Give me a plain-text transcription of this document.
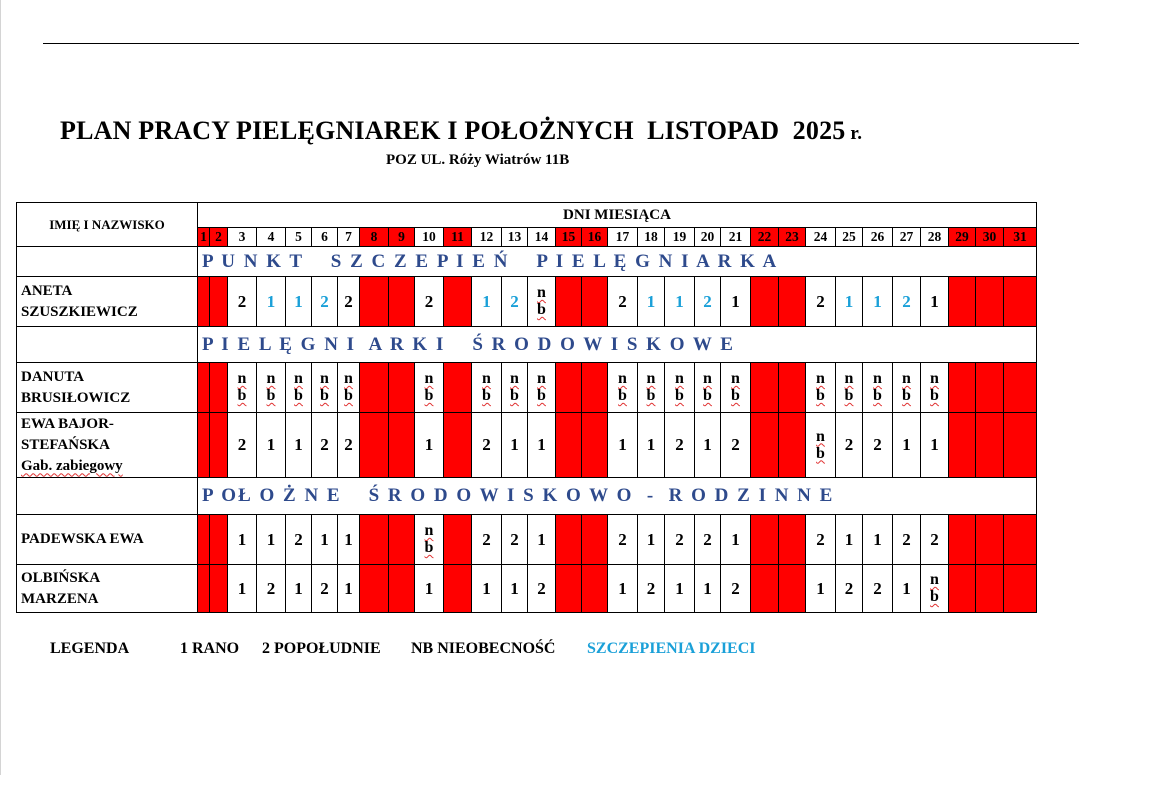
PLAN PRACY PIELĘGNIAREK I POŁOŻNYCH  LISTOPAD  2025 r.
POZ UL. Róży Wiatrów 11B
IMIĘ I NAZWISKO	DNI MIESIĄCA																														
	1	2	3	4	5	6	7	8	9	10	11	12	13	14	15	16	17	18	19	20	21	22	23	24	25	26	27	28	29	30	31
	P U N K T    S Z C Z E P I E Ń    P I E L Ę G N I A R K A																														

ANETA
SZUSZKIEWICZ			2	1	1	2	2			2		1	2	$\frac{n}{b}$			2	1	1	2	1			2	1	1	2	1			
	P I E L Ę G N I  A R K I    Ś R O D O W I S K O W E																														

DANUTA
BRUSIŁOWICZ			$\frac{n}{b}$	$\frac{n}{b}$	$\frac{n}{b}$	$\frac{n}{b}$	$\frac{n}{b}$			$\frac{n}{b}$		$\frac{n}{b}$	$\frac{n}{b}$	$\frac{n}{b}$			$\frac{n}{b}$	$\frac{n}{b}$	$\frac{n}{b}$	$\frac{n}{b}$	$\frac{n}{b}$			$\frac{n}{b}$	$\frac{n}{b}$	$\frac{n}{b}$	$\frac{n}{b}$	$\frac{n}{b}$

EWA BAJOR-
STEFAŃSKA
Gab. zabiegowy			2	1	1	2	2			1		2	1	1			1	1	2	1	2			$\frac{n}{b}$	2	2	1	1			
	P OŁ O Ż N E    Ś R O D O W I S K O W O  -  R O D Z I N N E																														

PADEWSKA EWA			1	1	2	1	1			$\frac{n}{b}$		2	2	1			2	1	2	2	1			2	1	1	2	2			

OLBIŃSKA
MARZENA			1	2	1	2	1			1		1	1	2			1	2	1	1	2			1	2	2	1	$\frac{n}{b}$

LEGENDA	1 RANO 2 POPOŁUDNIE NB NIEOBECNOŚĆ SZCZEPIENIA DZIECI
